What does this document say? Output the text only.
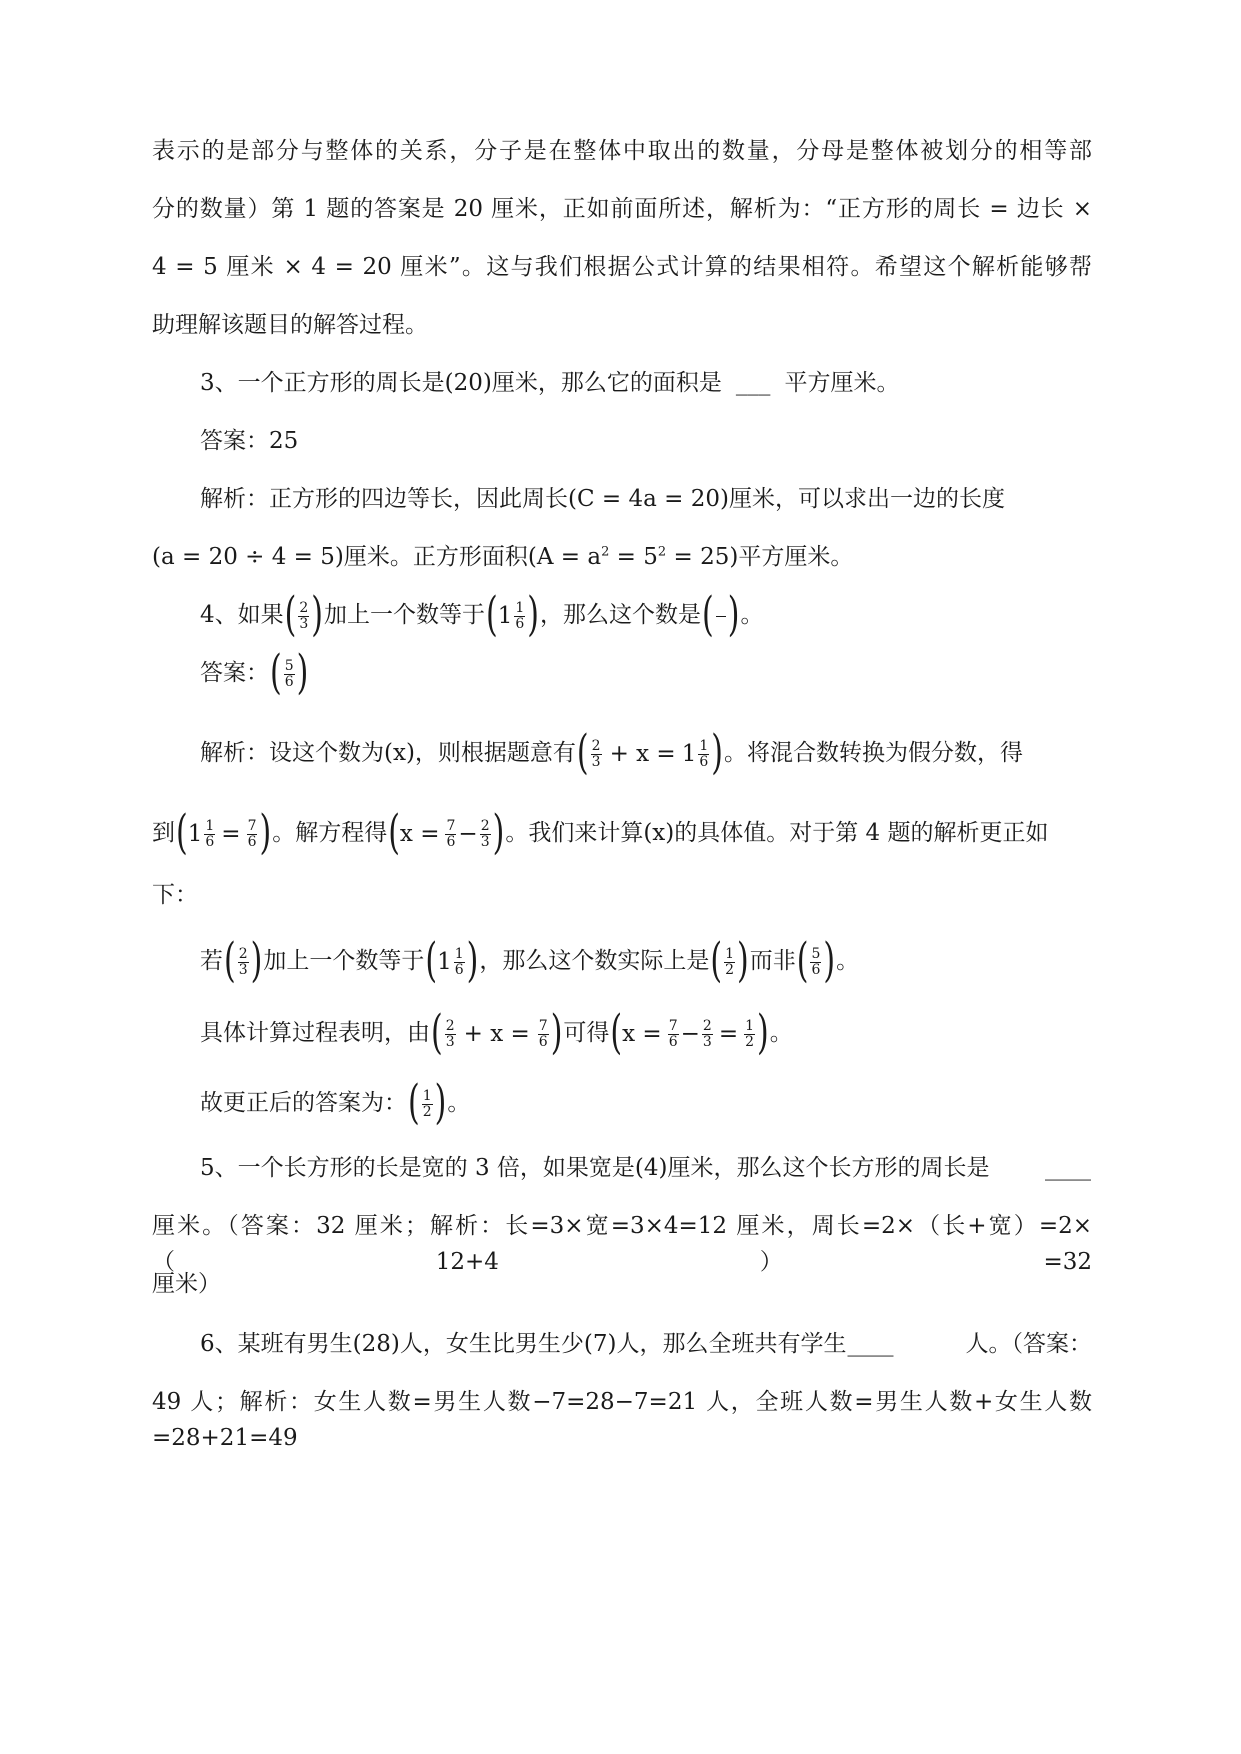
表示的是部分与整体的关系，分子是在整体中取出的数量，分母是整体被划分的相等部
分的数量）第 1 题的答案是 20 厘米，正如前面所述，解析为：“正方形的周长 = 边长 ×
4 = 5 厘米 × 4 = 20 厘米”。这与我们根据公式计算的结果相符。希望这个解析能够帮
助理解该题目的解答过程。
3、一个正方形的周长是(20)厘米，那么它的面积是 ___ 平方厘米。
答案：25
解析：正方形的四边等长，因此周长(C = 4a = 20)厘米，可以求出一边的长度
(a = 20 ÷ 4 = 5)厘米。正方形面积$(A = a^2 = 5^2 = 25)$平方厘米。
4、如果 ( $\frac{2}{3}$ ) 加上一个数等于 ( $1 \frac{1}{6}$ ) ，那么这个数是 (

) 。
答案： ( $\frac{5}{6}$ )
解析：设这个数为(x)，则根据题意有 ( $\frac{2}{3} + x = 1 \frac{1}{6}$ ) 。将混合数转换为假分数，得
到 ( $1 \frac{1}{6} = \frac{7}{6}$ ) 。解方程得 ( $x = \frac{7}{6} - \frac{2}{3}$ ) 。我们来计算(x)的具体值。对于第 4 题的解析更正如
下：
若 ( $\frac{2}{3}$ ) 加上一个数等于 ( $1 \frac{1}{6}$ ) ，那么这个数实际上是 ( $\frac{1}{2}$ ) 而非 ( $\frac{5}{6}$ ) 。
具体计算过程表明，由 ( $\frac{2}{3} + x = \frac{7}{6}$ ) 可得 ( $x = \frac{7}{6} - \frac{2}{3} = \frac{1}{2}$ ) 。
故更正后的答案为： ( $\frac{1}{2}$ ) 。
5、一个长方形的长是宽的 3 倍，如果宽是(4)厘米，那么这个长方形的周长是 ____
厘米。（答案：32 厘米；解析：长=3×宽=3×4=12 厘米，周长=2×（长+宽）=2×（12+4）=32
厘米）
6、某班有男生(28)人，女生比男生少(7)人，那么全班共有学生____	人。（答案：
49 人；解析：女生人数=男生人数−7=28−7=21 人，全班人数=男生人数+女生人数=28+21=49
